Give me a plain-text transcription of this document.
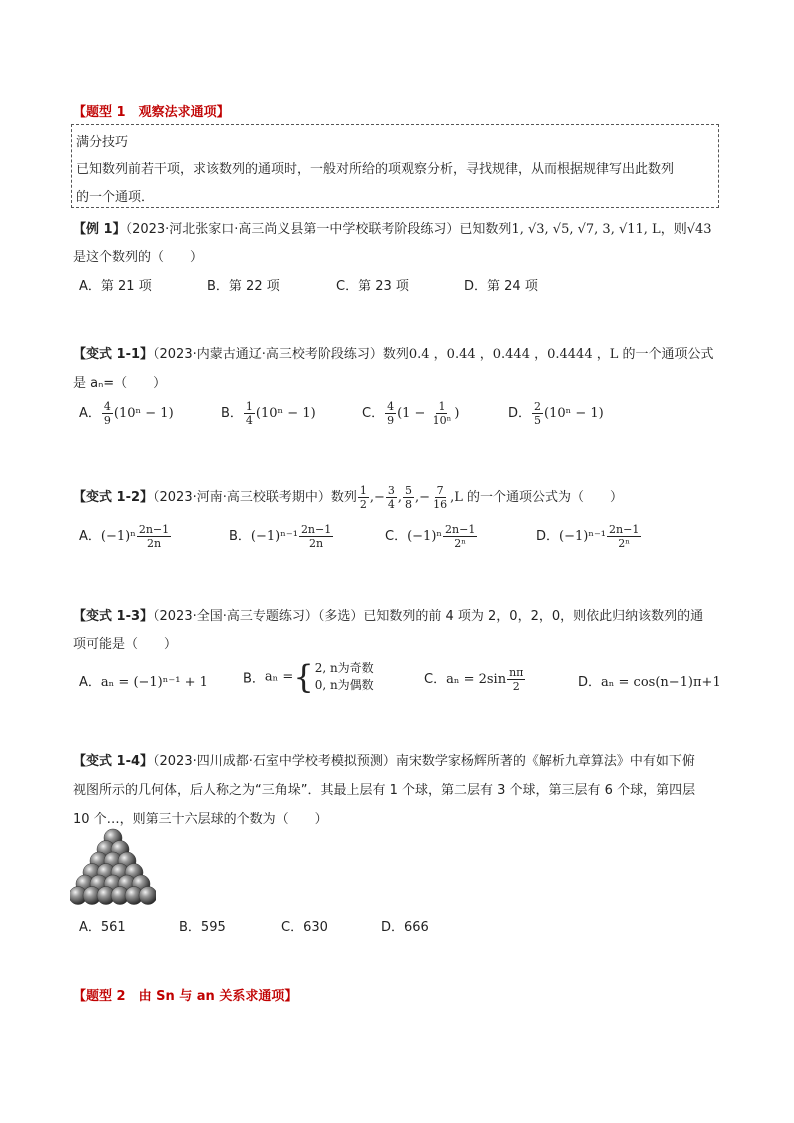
【题型 1　观察法求通项】
满分技巧
已知数列前若干项，求该数列的通项时，一般对所给的项观察分析，寻找规律，从而根据规律写出此数列
的一个通项．
【例 1】（2023·河北张家口·高三尚义县第一中学校联考阶段练习）已知数列1, √3, √5, √7, 3, √11, L，则√43
是这个数列的（　　）
A．第 21 项	B．第 22 项	C．第 23 项	D．第 24 项
【变式 1-1】（2023·内蒙古通辽·高三校考阶段练习）数列0.4 ，0.44 ，0.444 ，0.4444 ，L 的一个通项公式
是 aₙ=（　　）
A． $\frac{4}{9} (10^n - 1)$	B． $\frac{1}{4} (10^n - 1)$	C． $\frac{4}{9} (1 - \frac{1}{\text{10ⁿ}}$ )	D． $\frac{2}{5} (10^n - 1)$
【变式 1-2】（2023·河南·高三校联考期中）数列 $\frac{1}{2}$ ,− $\frac{3}{4}$ , $\frac{5}{8}$ ,− $\frac{7}{16} ,L$ 的一个通项公式为（　　）
A．$(-1)^n \frac{2n-1}{2n}$	B．$(-1)^{n-1} \frac{2n-1}{2n}$	C．$(-1)^n \frac{2n-1}{\text{2ⁿ}}$	D．$(-1)^{n-1} \frac{2n-1}{\text{2ⁿ}}$
【变式 1-3】（2023·全国·高三专题练习）（多选）已知数列的前 4 项为 2，0，2，0，则依此归纳该数列的通
项可能是（　　）
A．aₙ = (−1)ⁿ⁻¹ + 1	B．aₙ = { 2, n为奇数
0, n为偶数	C．$a_n = 2\sin \frac{n\pi}{2}$	D．aₙ = cos(n−1)π+1
【变式 1-4】（2023·四川成都·石室中学校考模拟预测）南宋数学家杨辉所著的《解析九章算法》中有如下俯
视图所示的几何体，后人称之为“三角垛”．其最上层有 1 个球，第二层有 3 个球，第三层有 6 个球，第四层
10 个…，则第三十六层球的个数为（　　）
A．561	B．595	C．630	D．666
【题型 2　由 Sn 与 an 关系求通项】
